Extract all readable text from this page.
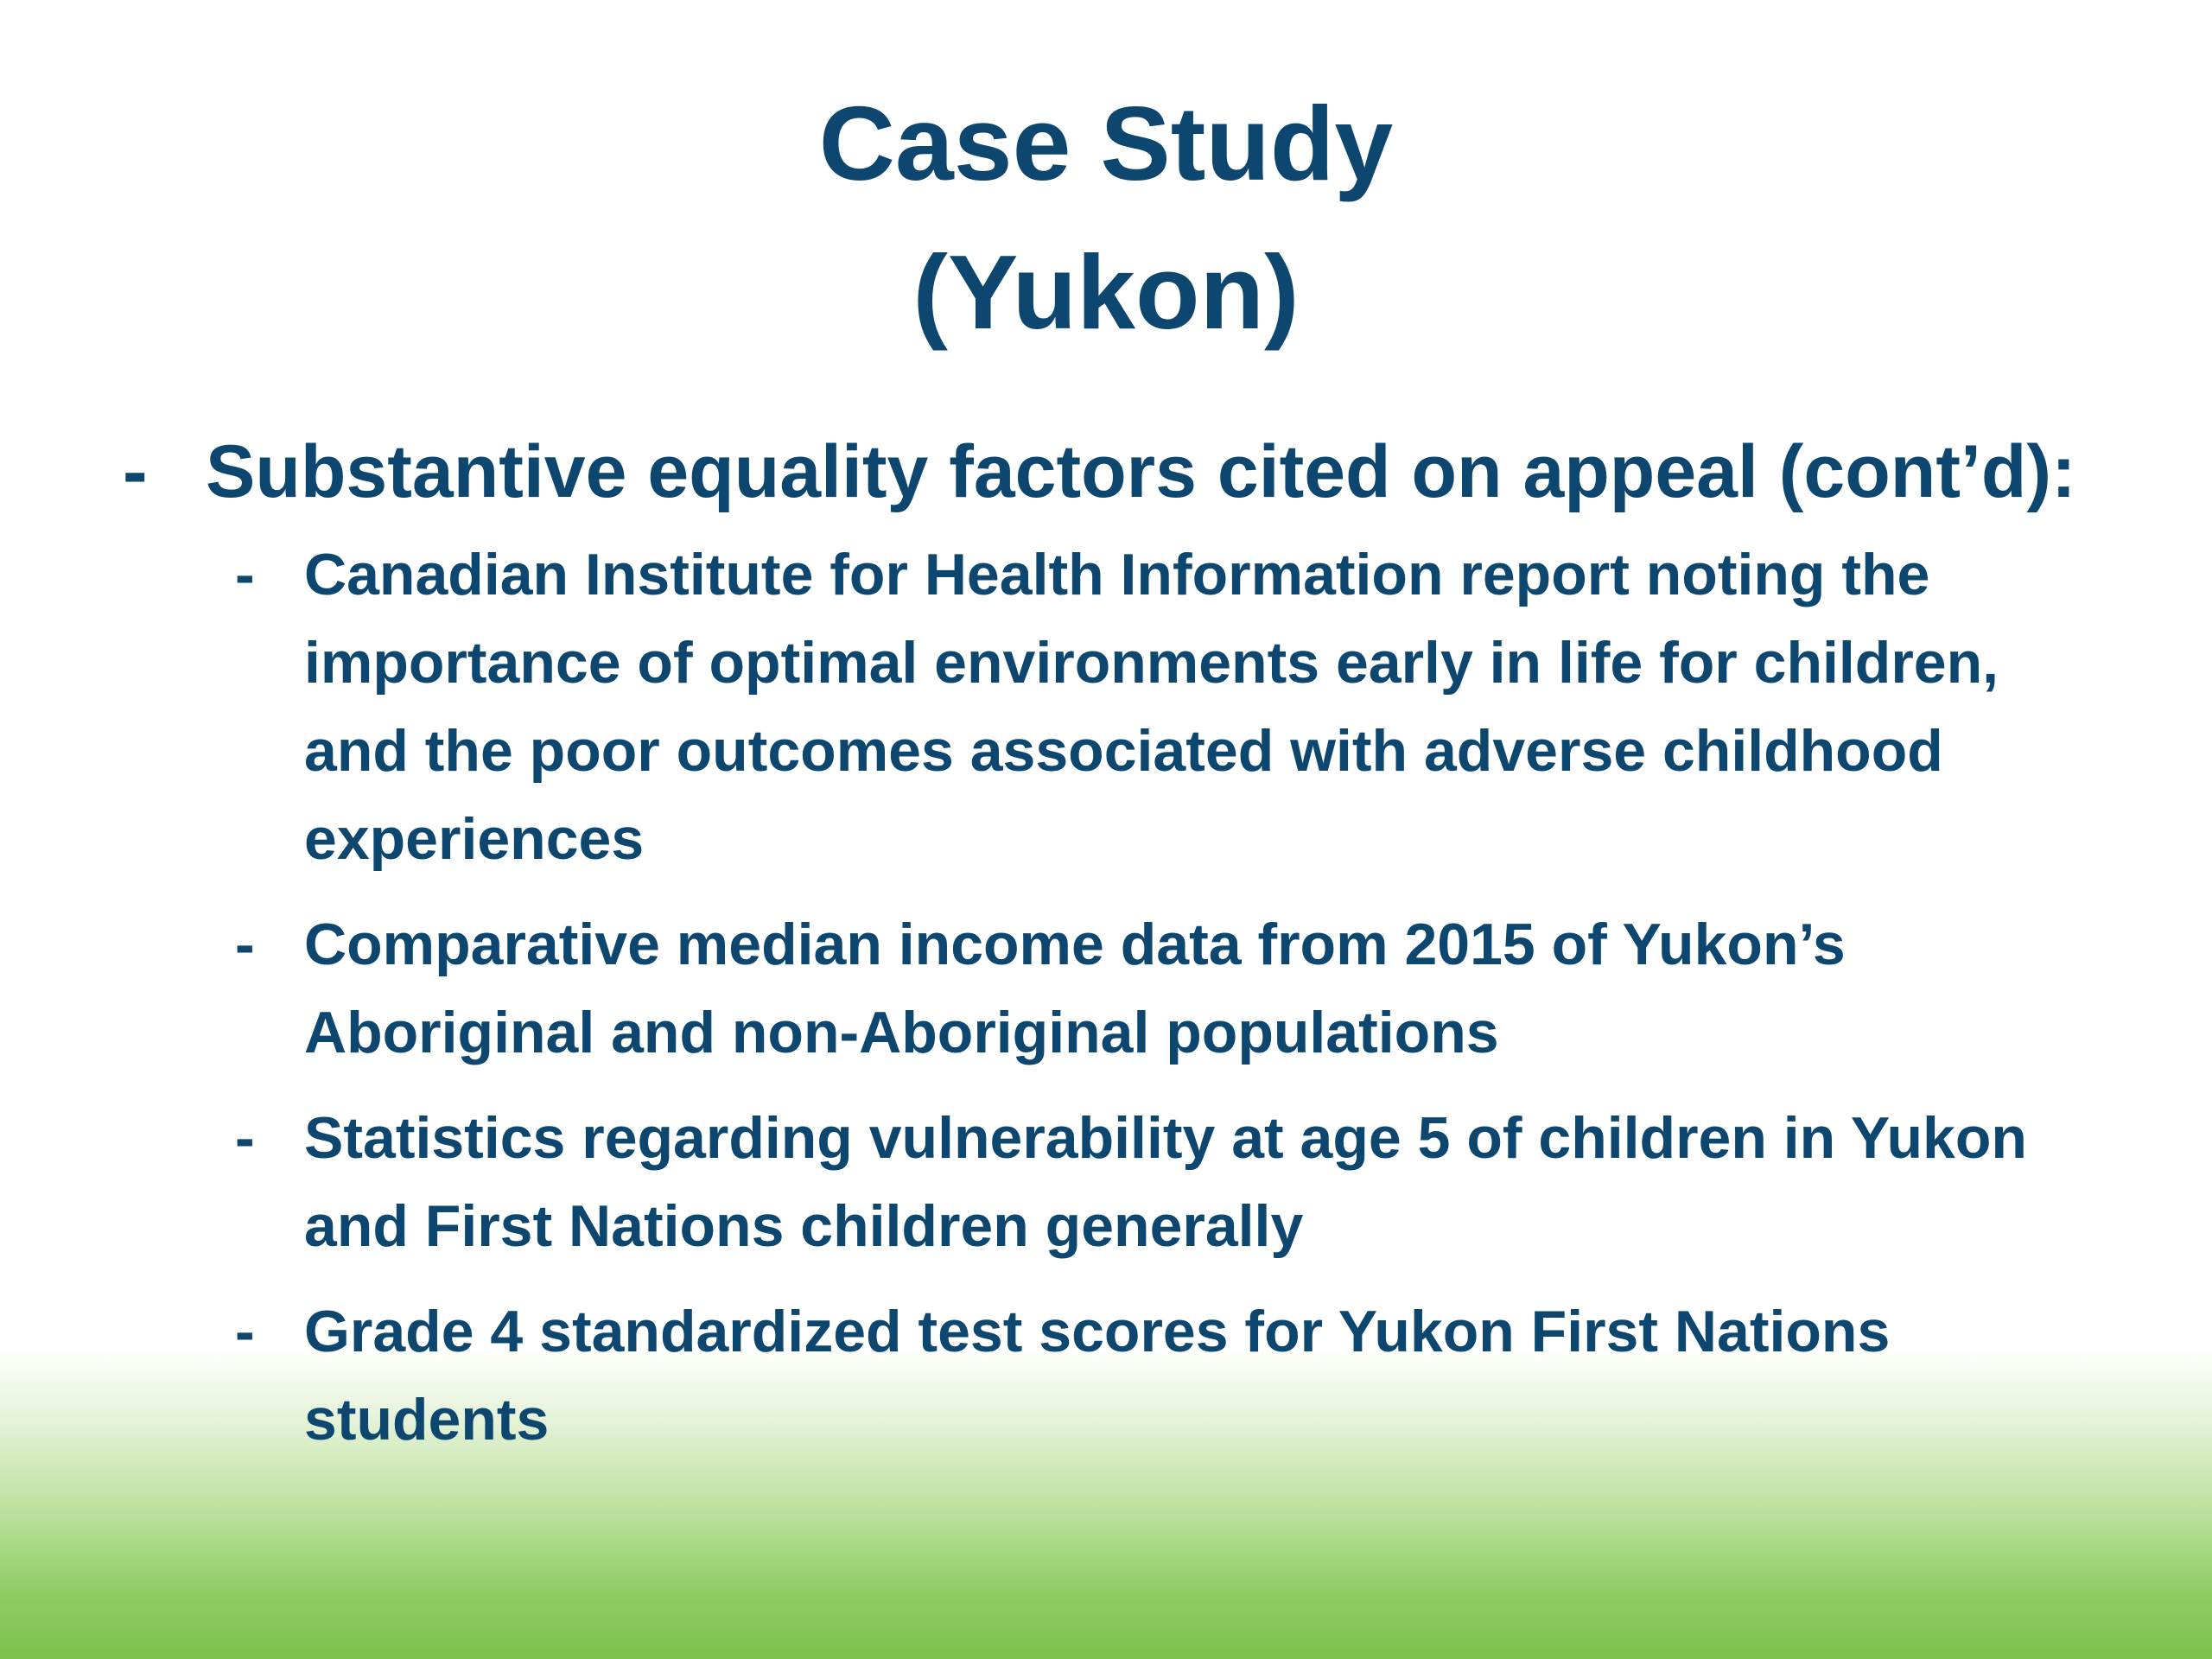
Case Study
(Yukon)
- Substantive equality factors cited on appeal (cont’d):
- Canadian Institute for Health Information report noting the importance of optimal environments early in life for children, and the poor outcomes associated with adverse childhood experiences
- Comparative median income data from 2015 of Yukon’s Aboriginal and non-Aboriginal populations
- Statistics regarding vulnerability at age 5 of children in Yukon and First Nations children generally
- Grade 4 standardized test scores for Yukon First Nations students
